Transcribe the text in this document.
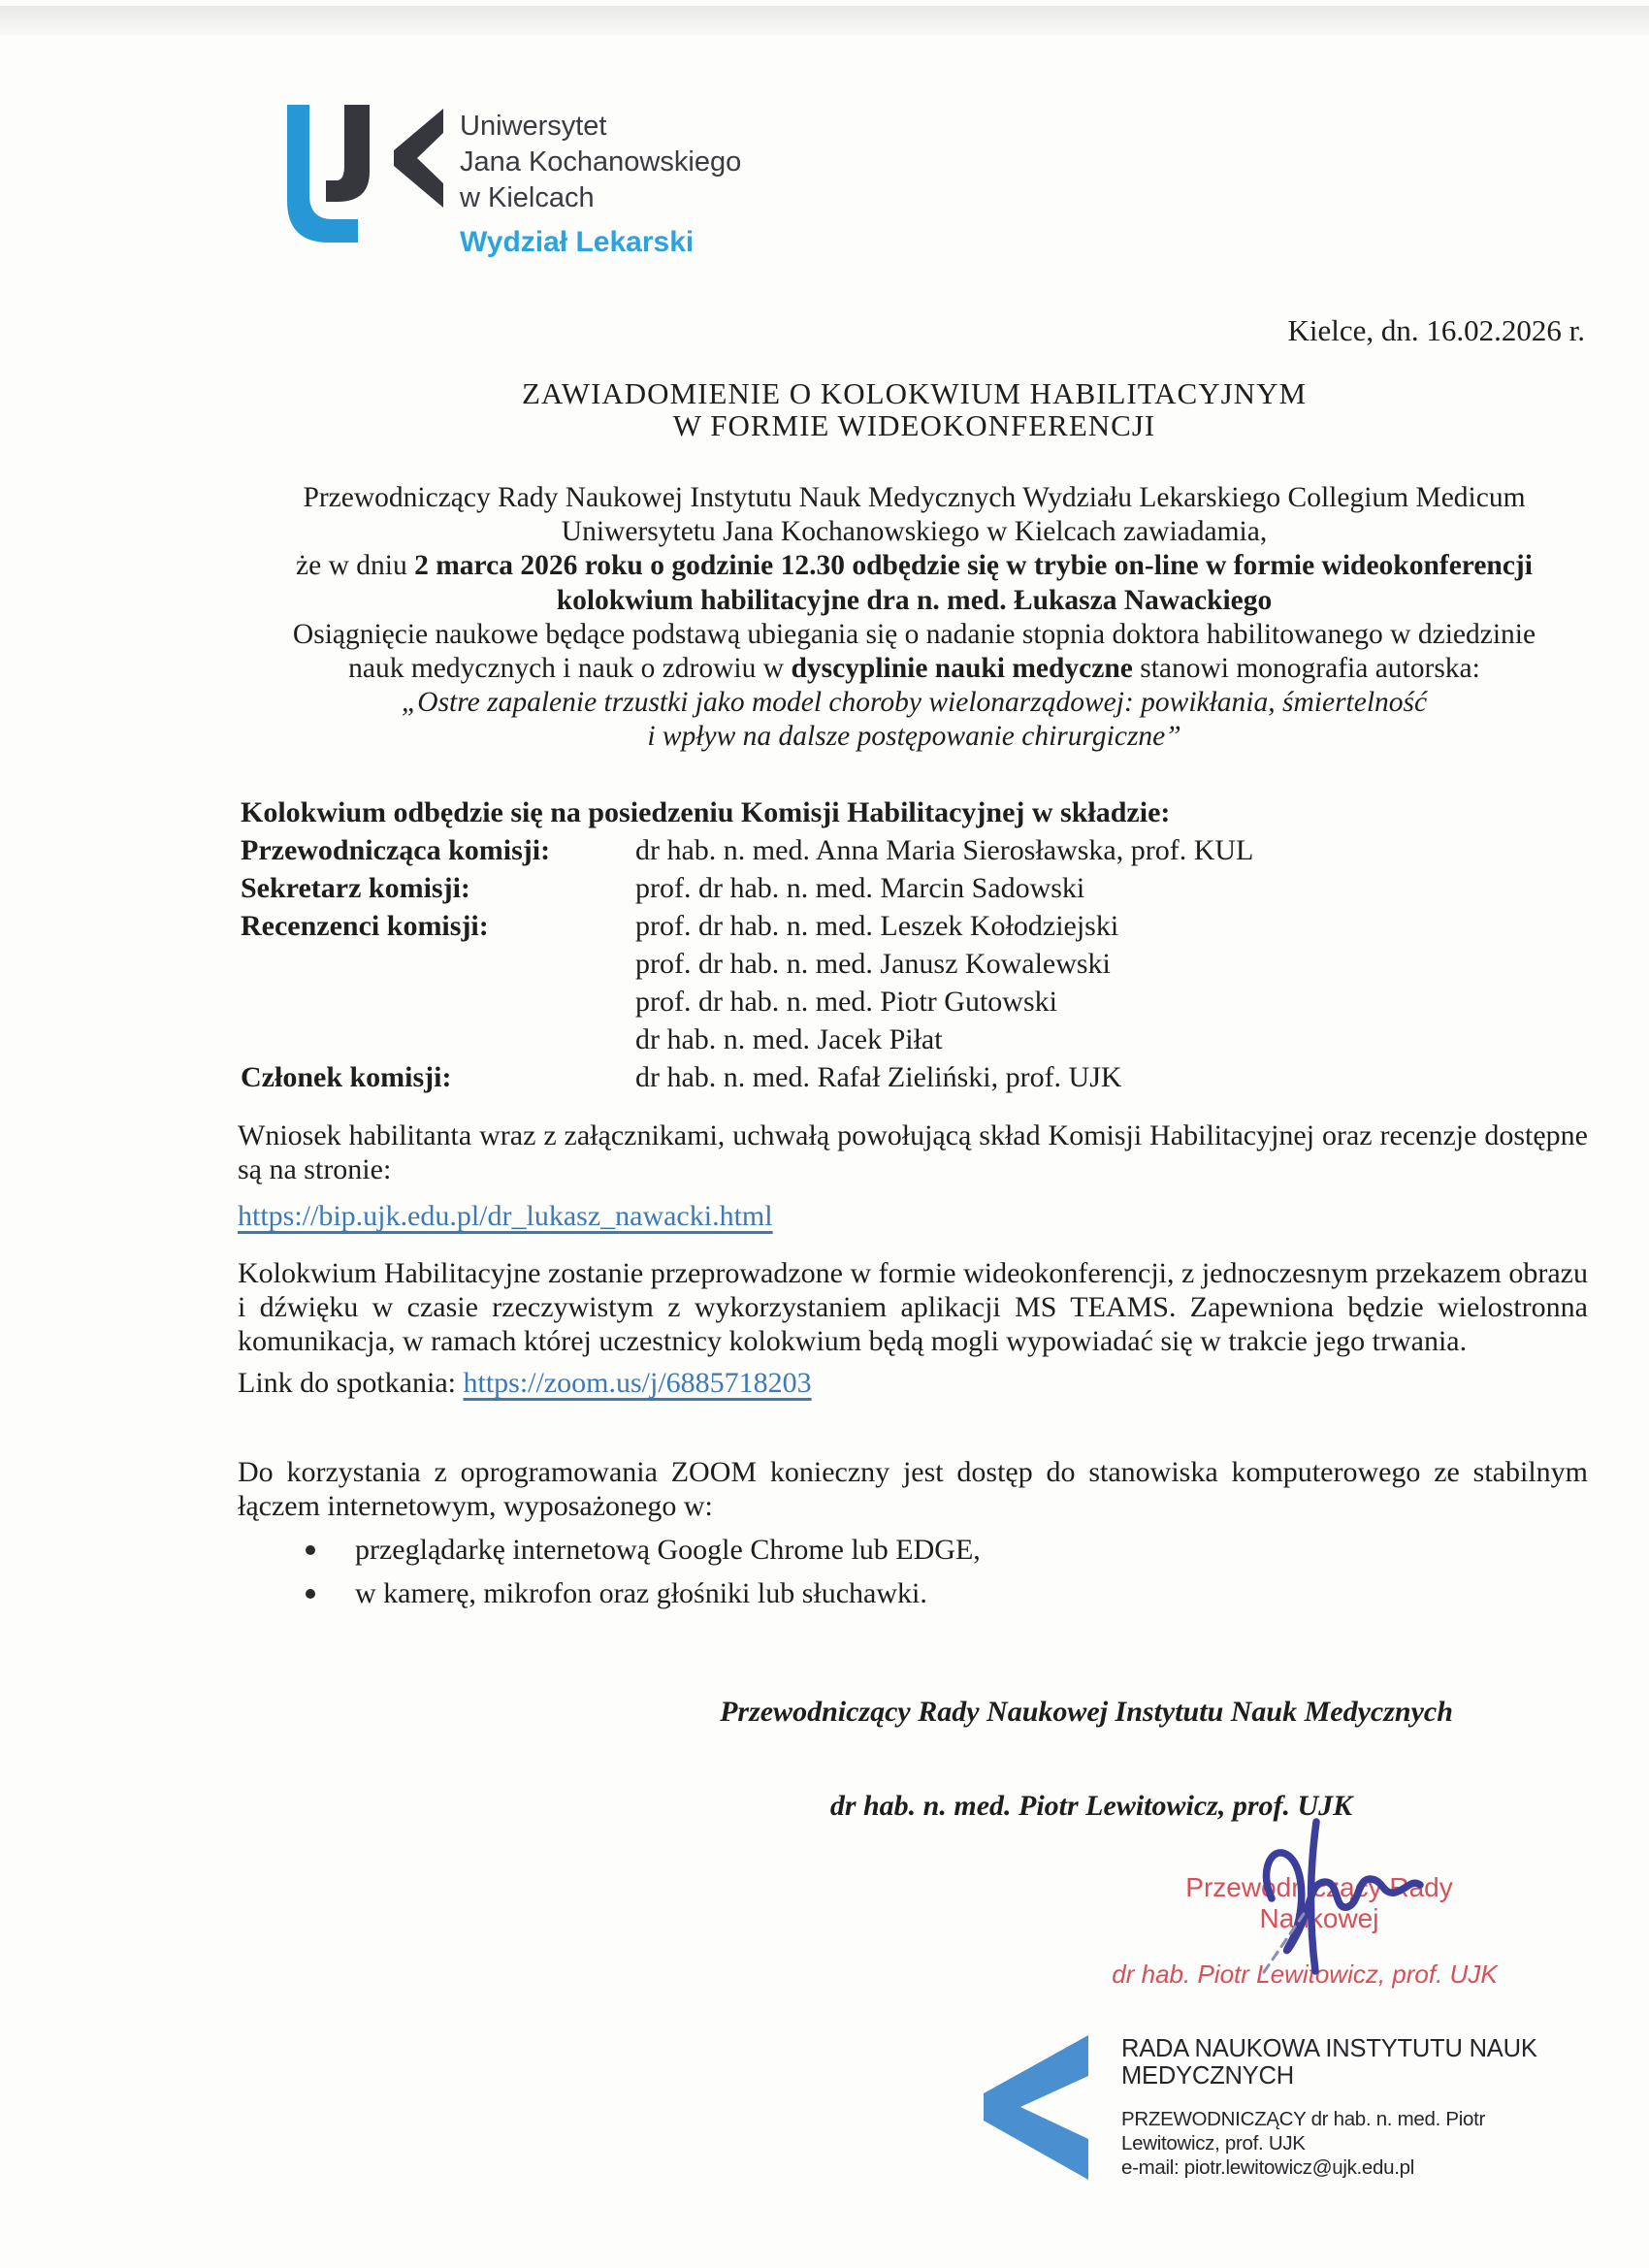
Uniwersytet
Jana Kochanowskiego
w Kielcach
Wydział Lekarski
Kielce, dn. 16.02.2026 r.
ZAWIADOMIENIE O KOLOKWIUM HABILITACYJNYM
W FORMIE WIDEOKONFERENCJI
Przewodniczący Rady Naukowej Instytutu Nauk Medycznych Wydziału Lekarskiego Collegium Medicum
Uniwersytetu Jana Kochanowskiego w Kielcach zawiadamia,
że w dniu 2 marca 2026 roku o godzinie 12.30 odbędzie się w trybie on-line w formie wideokonferencji
kolokwium habilitacyjne dra n. med. Łukasza Nawackiego
Osiągnięcie naukowe będące podstawą ubiegania się o nadanie stopnia doktora habilitowanego w dziedzinie
nauk medycznych i nauk o zdrowiu w dyscyplinie nauki medyczne stanowi monografia autorska:
„Ostre zapalenie trzustki jako model choroby wielonarządowej: powikłania, śmiertelność
i wpływ na dalsze postępowanie chirurgiczne”
Kolokwium odbędzie się na posiedzeniu Komisji Habilitacyjnej w składzie:
Przewodnicząca komisji:	dr hab. n. med. Anna Maria Sierosławska, prof. KUL
Sekretarz komisji:	prof. dr hab. n. med. Marcin Sadowski
Recenzenci komisji:	prof. dr hab. n. med. Leszek Kołodziejski
prof. dr hab. n. med. Janusz Kowalewski
prof. dr hab. n. med. Piotr Gutowski
dr hab. n. med. Jacek Piłat
Członek komisji:	dr hab. n. med. Rafał Zieliński, prof. UJK
Wniosek habilitanta wraz z załącznikami, uchwałą powołującą skład Komisji Habilitacyjnej oraz recenzje dostępne są na stronie:
https://bip.ujk.edu.pl/dr_lukasz_nawacki.html
Kolokwium Habilitacyjne zostanie przeprowadzone w formie wideokonferencji, z jednoczesnym przekazem obrazu i dźwięku w czasie rzeczywistym z wykorzystaniem aplikacji MS TEAMS. Zapewniona będzie wielostronna komunikacja, w ramach której uczestnicy kolokwium będą mogli wypowiadać się w trakcie jego trwania.
Link do spotkania: https://zoom.us/j/6885718203
Do korzystania z oprogramowania ZOOM konieczny jest dostęp do stanowiska komputerowego ze stabilnym łączem internetowym, wyposażonego w:
przeglądarkę internetową Google Chrome lub EDGE,
w kamerę, mikrofon oraz głośniki lub słuchawki.
Przewodniczący Rady Naukowej Instytutu Nauk Medycznych
dr hab. n. med. Piotr Lewitowicz, prof. UJK
Przewodniczący Rady Naukowej
dr hab. Piotr Lewitowicz, prof. UJK
RADA NAUKOWA INSTYTUTU NAUK MEDYCZNYCH
PRZEWODNICZĄCY dr hab. n. med. Piotr Lewitowicz, prof. UJK
e-mail: piotr.lewitowicz@ujk.edu.pl
